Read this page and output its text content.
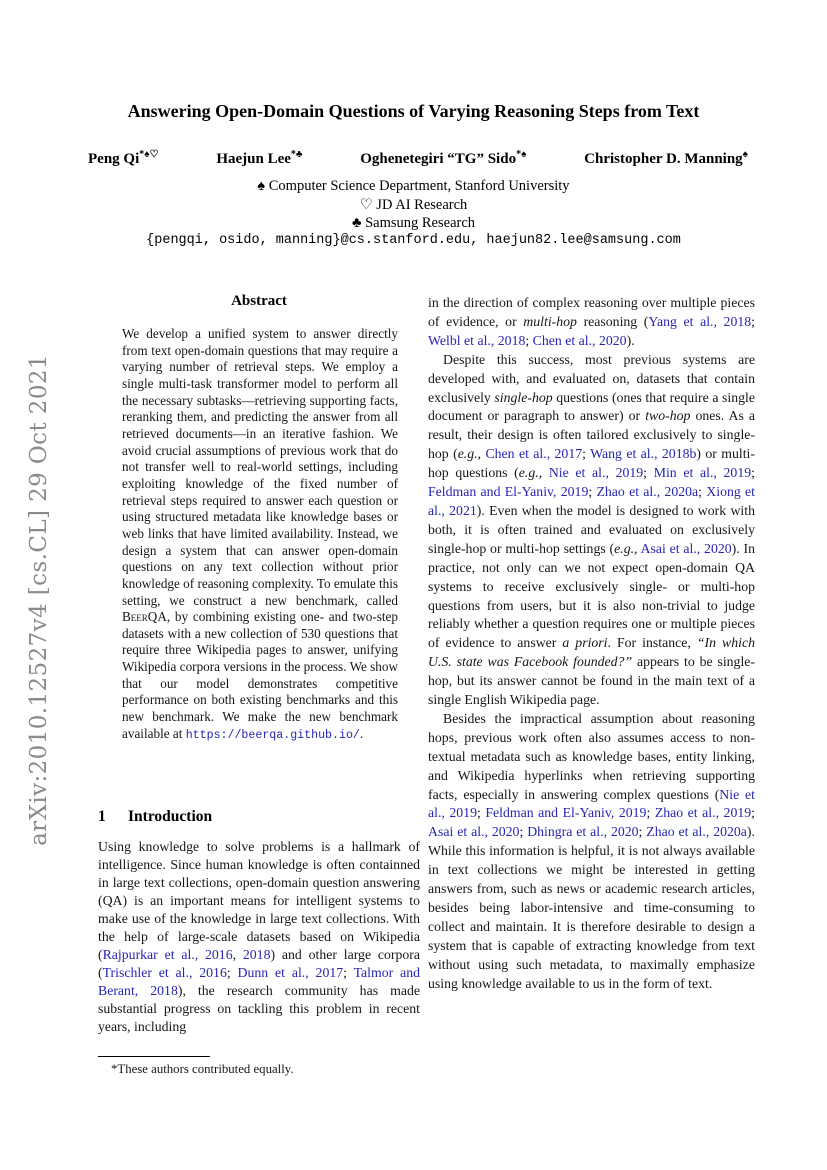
arXiv:2010.12527v4 [cs.CL] 29 Oct 2021
Answering Open-Domain Questions of Varying Reasoning Steps from Text
Peng Qi*♠♡	Haejun Lee*♣	Oghenetegiri “TG” Sido*♠	Christopher D. Manning♠
♠ Computer Science Department, Stanford University
♡ JD AI Research
♣ Samsung Research
{pengqi, osido, manning}@cs.stanford.edu, haejun82.lee@samsung.com
Abstract
We develop a unified system to answer directly from text open-domain questions that may require a varying number of retrieval steps. We employ a single multi-task transformer model to perform all the necessary subtasks—retrieving supporting facts, reranking them, and predicting the answer from all retrieved documents—in an iterative fashion. We avoid crucial assumptions of previous work that do not transfer well to real-world settings, including exploiting knowledge of the fixed number of retrieval steps required to answer each question or using structured metadata like knowledge bases or web links that have limited availability. Instead, we design a system that can answer open-domain questions on any text collection without prior knowledge of reasoning complexity. To emulate this setting, we construct a new benchmark, called BeerQA, by combining existing one- and two-step datasets with a new collection of 530 questions that require three Wikipedia pages to answer, unifying Wikipedia corpora versions in the process. We show that our model demonstrates competitive performance on both existing benchmarks and this new benchmark. We make the new benchmark available at https://beerqa.github.io/.
1 Introduction
Using knowledge to solve problems is a hallmark of intelligence. Since human knowledge is often containned in large text collections, open-domain question answering (QA) is an important means for intelligent systems to make use of the knowledge in large text collections. With the help of large-scale datasets based on Wikipedia (Rajpurkar et al., 2016, 2018) and other large corpora (Trischler et al., 2016; Dunn et al., 2017; Talmor and Berant, 2018), the research community has made substantial progress on tackling this problem in recent years, including
*These authors contributed equally.

in the direction of complex reasoning over multiple pieces of evidence, or multi-hop reasoning (Yang et al., 2018; Welbl et al., 2018; Chen et al., 2020).

Despite this success, most previous systems are developed with, and evaluated on, datasets that contain exclusively single-hop questions (ones that require a single document or paragraph to answer) or two-hop ones. As a result, their design is often tailored exclusively to single-hop (e.g., Chen et al., 2017; Wang et al., 2018b) or multi-hop questions (e.g., Nie et al., 2019; Min et al., 2019; Feldman and El-Yaniv, 2019; Zhao et al., 2020a; Xiong et al., 2021). Even when the model is designed to work with both, it is often trained and evaluated on exclusively single-hop or multi-hop settings (e.g., Asai et al., 2020). In practice, not only can we not expect open-domain QA systems to receive exclusively single- or multi-hop questions from users, but it is also non-trivial to judge reliably whether a question requires one or multiple pieces of evidence to answer a priori. For instance, “In which U.S. state was Facebook founded?” appears to be single-hop, but its answer cannot be found in the main text of a single English Wikipedia page.

Besides the impractical assumption about reasoning hops, previous work often also assumes access to non-textual metadata such as knowledge bases, entity linking, and Wikipedia hyperlinks when retrieving supporting facts, especially in answering complex questions (Nie et al., 2019; Feldman and El-Yaniv, 2019; Zhao et al., 2019; Asai et al., 2020; Dhingra et al., 2020; Zhao et al., 2020a). While this information is helpful, it is not always available in text collections we might be interested in getting answers from, such as news or academic research articles, besides being labor-intensive and time-consuming to collect and maintain. It is therefore desirable to design a system that is capable of extracting knowledge from text without using such metadata, to maximally emphasize using knowledge available to us in the form of text.
